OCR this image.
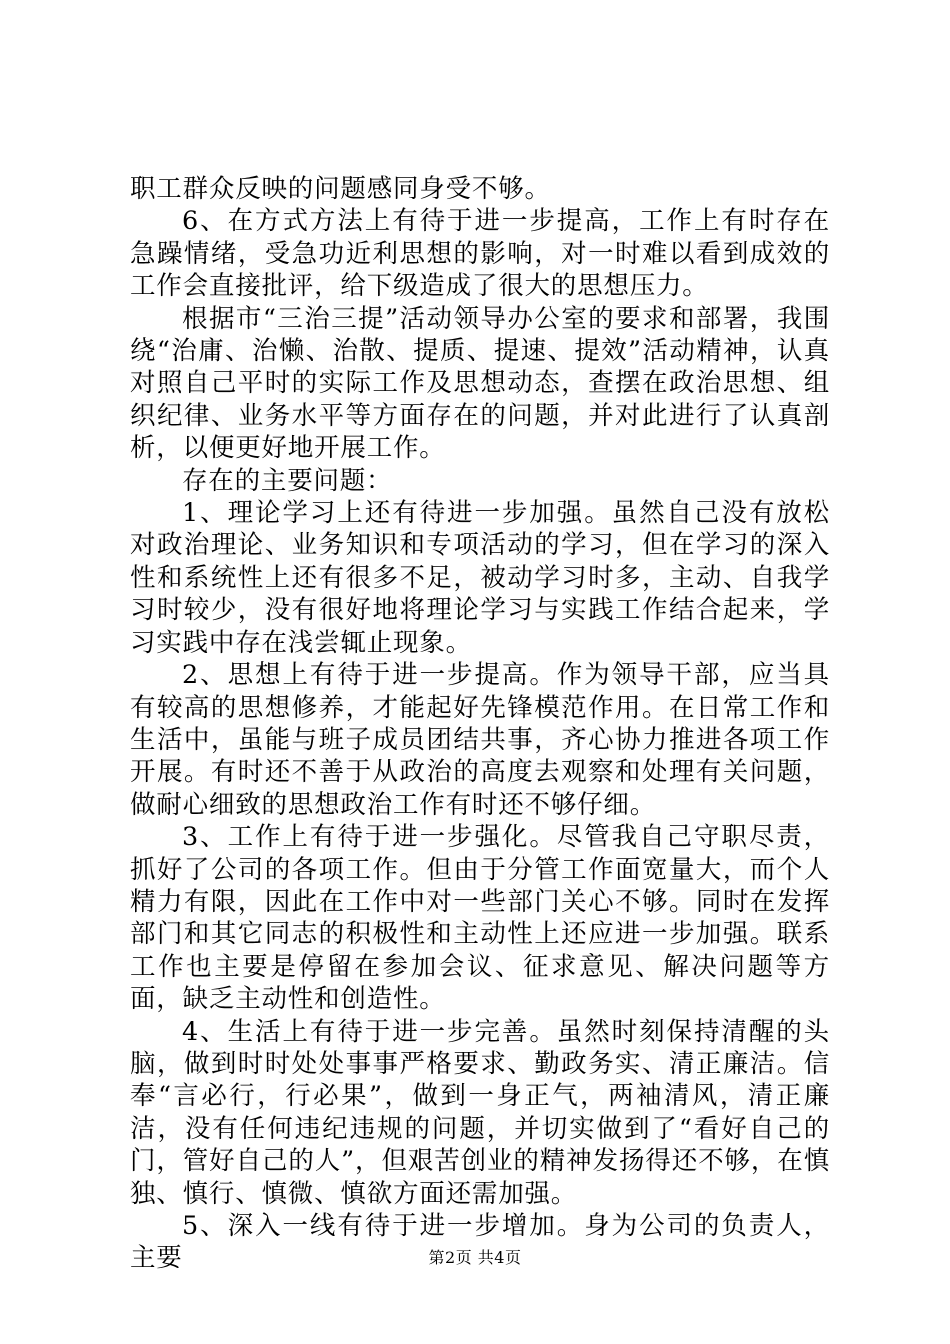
职工群众反映的问题感同身受不够。

6、在方式方法上有待于进一步提高，工作上有时存在急躁情绪，受急功近利思想的影响，对一时难以看到成效的工作会直接批评，给下级造成了很大的思想压力。

根据市“三治三提”活动领导办公室的要求和部署，我围绕“治庸、治懒、治散、提质、提速、提效”活动精神，认真对照自己平时的实际工作及思想动态，查摆在政治思想、组织纪律、业务水平等方面存在的问题，并对此进行了认真剖析，以便更好地开展工作。

存在的主要问题：

1、理论学习上还有待进一步加强。虽然自己没有放松对政治理论、业务知识和专项活动的学习，但在学习的深入性和系统性上还有很多不足，被动学习时多，主动、自我学习时较少，没有很好地将理论学习与实践工作结合起来，学习实践中存在浅尝辄止现象。

2、思想上有待于进一步提高。作为领导干部，应当具有较高的思想修养，才能起好先锋模范作用。在日常工作和生活中，虽能与班子成员团结共事，齐心协力推进各项工作开展。有时还不善于从政治的高度去观察和处理有关问题，做耐心细致的思想政治工作有时还不够仔细。

3、工作上有待于进一步强化。尽管我自己守职尽责，抓好了公司的各项工作。但由于分管工作面宽量大，而个人精力有限，因此在工作中对一些部门关心不够。同时在发挥部门和其它同志的积极性和主动性上还应进一步加强。联系工作也主要是停留在参加会议、征求意见、解决问题等方面，缺乏主动性和创造性。

4、生活上有待于进一步完善。虽然时刻保持清醒的头脑，做到时时处处事事严格要求、勤政务实、清正廉洁。信奉“言必行，行必果”，做到一身正气，两袖清风，清正廉洁，没有任何违纪违规的问题，并切实做到了“看好自己的门，管好自己的人”，但艰苦创业的精神发扬得还不够，在慎独、慎行、慎微、慎欲方面还需加强。

5、深入一线有待于进一步增加。身为公司的负责人，主要	第2页 共4页
